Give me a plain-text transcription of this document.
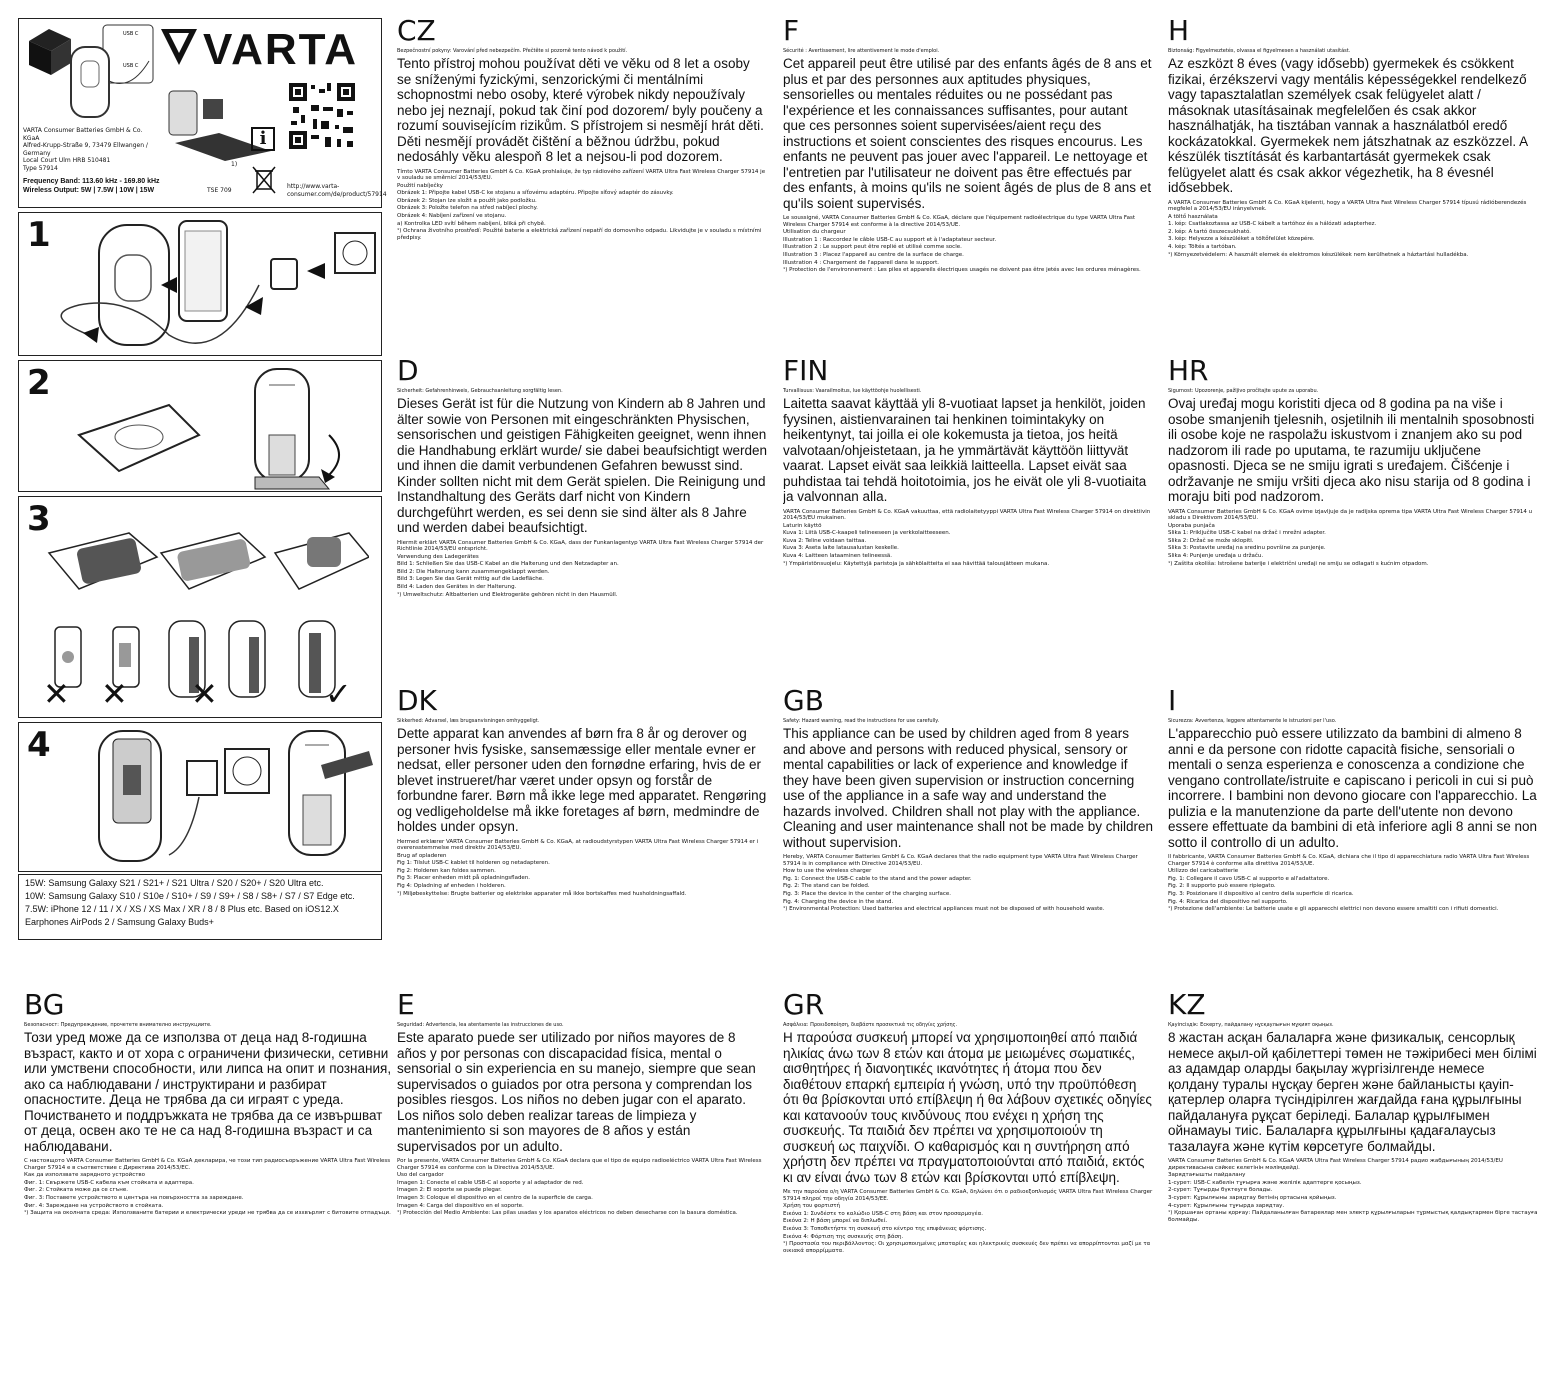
USB C
USB C VARTA
i
http://www.varta-consumer.com/de/product/57914
1)
VARTA Consumer Batteries GmbH & Co. KGaA
Alfred-Krupp-Straße 9, 73479 Ellwangen / Germany
Local Court Ulm HRB 510481
Type 57914
Frequency Band: 113.60 kHz - 169.80 kHz
Wireless Output: 5W | 7.5W | 10W | 15W	TSE 709
1
2
3
✕ ✕ ✕	✓
4
15W: Samsung Galaxy S21 / S21+ / S21 Ultra / S20 / S20+ / S20 Ultra etc.
10W: Samsung Galaxy S10 / S10e / S10+ / S9 / S9+ / S8 / S8+ / S7 / S7 Edge etc.
7.5W: iPhone 12 / 11 / X / XS / XS Max / XR / 8 / 8 Plus etc. Based on iOS12.X
Earphones AirPods 2 / Samsung Galaxy Buds+
CZ
Bezpečnostní pokyny: Varování před nebezpečím. Přečtěte si pozorně tento návod k použití.
Tento přístroj mohou používat děti ve věku od 8 let a osoby se sníženými fyzickými, senzorickými či mentálními schopnostmi nebo osoby, které výrobek nikdy nepoužívaly nebo jej neznají, pokud tak činí pod dozorem/ byly poučeny a rozumí souvisejícím rizikům. S přístrojem si nesmějí hrát děti. Děti nesmějí provádět čištění a běžnou údržbu, pokud nedosáhly věku alespoň 8 let a nejsou-li pod dozorem.

Tímto VARTA Consumer Batteries GmbH & Co. KGaA prohlašuje, že typ rádiového zařízení VARTA Ultra Fast Wireless Charger 57914 je v souladu se směrnicí 2014/53/EU.

Použití nabíječky

Obrázek 1: Připojte kabel USB-C ke stojanu a síťovému adaptéru. Připojte síťový adaptér do zásuvky.

Obrázek 2: Stojan lze složit a použít jako podložku.

Obrázek 3: Položte telefon na střed nabíjecí plochy.

Obrázek 4: Nabíjení zařízení ve stojanu.

a) Kontrolka LED svítí během nabíjení, bliká při chybě.

¹) Ochrana životního prostředí: Použité baterie a elektrická zařízení nepatří do domovního odpadu. Likvidujte je v souladu s místními předpisy.

F
Sécurité : Avertissement, lire attentivement le mode d'emploi.
Cet appareil peut être utilisé par des enfants âgés de 8 ans et plus et par des personnes aux aptitudes physiques, sensorielles ou mentales réduites ou ne possédant pas l'expérience et les connaissances suffisantes, pour autant que ces personnes soient supervisées/aient reçu des instructions et soient conscientes des risques encourus. Les enfants ne peuvent pas jouer avec l'appareil. Le nettoyage et l'entretien par l'utilisateur ne doivent pas être effectués par des enfants, à moins qu'ils ne soient âgés de plus de 8 ans et qu'ils soient supervisés.

Le soussigné, VARTA Consumer Batteries GmbH & Co. KGaA, déclare que l'équipement radioélectrique du type VARTA Ultra Fast Wireless Charger 57914 est conforme à la directive 2014/53/UE.

Utilisation du chargeur

Illustration 1 : Raccordez le câble USB-C au support et à l'adaptateur secteur.

Illustration 2 : Le support peut être replié et utilisé comme socle.

Illustration 3 : Placez l'appareil au centre de la surface de charge.

Illustration 4 : Chargement de l'appareil dans le support.

¹) Protection de l'environnement : Les piles et appareils électriques usagés ne doivent pas être jetés avec les ordures ménagères.

H
Biztonság: Figyelmeztetés, olvassa el figyelmesen a használati utasítást.
Az eszközt 8 éves (vagy idősebb) gyermekek és csökkent fizikai, érzékszervi vagy mentális képességekkel rendelkező vagy tapasztalatlan személyek csak felügyelet alatt / másoknak utasításainak megfelelően és csak akkor használhatják, ha tisztában vannak a használatból eredő kockázatokkal. Gyermekek nem játszhatnak az eszközzel. A készülék tisztítását és karbantartását gyermekek csak felügyelet alatt és csak akkor végezhetik, ha 8 évesnél idősebbek.

A VARTA Consumer Batteries GmbH & Co. KGaA kijelenti, hogy a VARTA Ultra Fast Wireless Charger 57914 típusú rádióberendezés megfelel a 2014/53/EU irányelvnek.

A töltő használata

1. kép: Csatlakoztassa az USB-C kábelt a tartóhoz és a hálózati adapterhez.

2. kép: A tartó összecsukható.

3. kép: Helyezze a készüléket a töltőfelület közepére.

4. kép: Töltés a tartóban.

¹) Környezetvédelem: A használt elemek és elektromos készülékek nem kerülhetnek a háztartási hulladékba.

D
Sicherheit: Gefahrenhinweis, Gebrauchsanleitung sorgfältig lesen.
Dieses Gerät ist für die Nutzung von Kindern ab 8 Jahren und älter sowie von Personen mit eingeschränkten Physischen, sensorischen und geistigen Fähigkeiten geeignet, wenn ihnen die Handhabung erklärt wurde/ sie dabei beaufsichtigt werden und ihnen die damit verbundenen Gefahren bewusst sind. Kinder sollten nicht mit dem Gerät spielen. Die Reinigung und Instandhaltung des Geräts darf nicht von Kindern durchgeführt werden, es sei denn sie sind älter als 8 Jahre und werden dabei beaufsichtigt.

Hiermit erklärt VARTA Consumer Batteries GmbH & Co. KGaA, dass der Funkanlagentyp VARTA Ultra Fast Wireless Charger 57914 der Richtlinie 2014/53/EU entspricht.

Verwendung des Ladegerätes

Bild 1: Schließen Sie das USB-C Kabel an die Halterung und den Netzadapter an.

Bild 2: Die Halterung kann zusammengeklappt werden.

Bild 3: Legen Sie das Gerät mittig auf die Ladefläche.

Bild 4: Laden des Gerätes in der Halterung.

¹) Umweltschutz: Altbatterien und Elektrogeräte gehören nicht in den Hausmüll.

FIN
Turvallisuus: Vaarailmoitus, lue käyttöohje huolellisesti.
Laitetta saavat käyttää yli 8-vuotiaat lapset ja henkilöt, joiden fyysinen, aistienvarainen tai henkinen toimintakyky on heikentynyt, tai joilla ei ole kokemusta ja tietoa, jos heitä valvotaan/ohjeistetaan, ja he ymmärtävät käyttöön liittyvät vaarat. Lapset eivät saa leikkiä laitteella. Lapset eivät saa puhdistaa tai tehdä hoitotoimia, jos he eivät ole yli 8-vuotiaita ja valvonnan alla.

VARTA Consumer Batteries GmbH & Co. KGaA vakuuttaa, että radiolaitetyyppi VARTA Ultra Fast Wireless Charger 57914 on direktiivin 2014/53/EU mukainen.

Laturin käyttö

Kuva 1: Liitä USB-C-kaapeli telineeseen ja verkkolaitteeseen.

Kuva 2: Teline voidaan taittaa.

Kuva 3: Aseta laite latausalustan keskelle.

Kuva 4: Laitteen lataaminen telineessä.

¹) Ympäristönsuojelu: Käytettyjä paristoja ja sähkölaitteita ei saa hävittää talousjätteen mukana.

HR
Sigurnost: Upozorenje, pažljivo pročitajte upute za uporabu.
Ovaj uređaj mogu koristiti djeca od 8 godina pa na više i osobe smanjenih tjelesnih, osjetilnih ili mentalnih sposobnosti ili osobe koje ne raspolažu iskustvom i znanjem ako su pod nadzorom ili rade po uputama, te razumiju uključene opasnosti. Djeca se ne smiju igrati s uređajem. Čišćenje i održavanje ne smiju vršiti djeca ako nisu starija od 8 godina i moraju biti pod nadzorom.

VARTA Consumer Batteries GmbH & Co. KGaA ovime izjavljuje da je radijska oprema tipa VARTA Ultra Fast Wireless Charger 57914 u skladu s Direktivom 2014/53/EU.

Uporaba punjača

Slika 1: Priključite USB-C kabel na držač i mrežni adapter.

Slika 2: Držač se može sklopiti.

Slika 3: Postavite uređaj na sredinu površine za punjenje.

Slika 4: Punjenje uređaja u držaču.

¹) Zaštita okoliša: Istrošene baterije i električni uređaji ne smiju se odlagati s kućnim otpadom.

DK
Sikkerhed: Advarsel, læs brugsanvisningen omhyggeligt.
Dette apparat kan anvendes af børn fra 8 år og derover og personer hvis fysiske, sansemæssige eller mentale evner er nedsat, eller personer uden den fornødne erfaring, hvis de er blevet instrueret/har været under opsyn og forstår de forbundne farer. Børn må ikke lege med apparatet. Rengøring og vedligeholdelse må ikke foretages af børn, medmindre de holdes under opsyn.

Hermed erklærer VARTA Consumer Batteries GmbH & Co. KGaA, at radioudstyrstypen VARTA Ultra Fast Wireless Charger 57914 er i overensstemmelse med direktiv 2014/53/EU.

Brug af opladeren

Fig 1: Tilslut USB-C kablet til holderen og netadapteren.

Fig 2: Holderen kan foldes sammen.

Fig 3: Placer enheden midt på opladningsfladen.

Fig 4: Opladning af enheden i holderen.

¹) Miljøbeskyttelse: Brugte batterier og elektriske apparater må ikke bortskaffes med husholdningsaffald.

GB
Safety: Hazard warning, read the instructions for use carefully.
This appliance can be used by children aged from 8 years and above and persons with reduced physical, sensory or mental capabilities or lack of experience and knowledge if they have been given supervision or instruction concerning use of the appliance in a safe way and understand the hazards involved. Children shall not play with the appliance. Cleaning and user maintenance shall not be made by children without supervision.

Hereby, VARTA Consumer Batteries GmbH & Co. KGaA declares that the radio equipment type VARTA Ultra Fast Wireless Charger 57914 is in compliance with Directive 2014/53/EU.

How to use the wireless charger

Fig. 1: Connect the USB-C cable to the stand and the power adapter.

Fig. 2: The stand can be folded.

Fig. 3: Place the device in the center of the charging surface.

Fig. 4: Charging the device in the stand.

¹) Environmental Protection: Used batteries and electrical appliances must not be disposed of with household waste.

I
Sicurezza: Avvertenza, leggere attentamente le istruzioni per l'uso.
L'apparecchio può essere utilizzato da bambini di almeno 8 anni e da persone con ridotte capacità fisiche, sensoriali o mentali o senza esperienza e conoscenza a condizione che vengano controllate/istruite e capiscano i pericoli in cui si può incorrere. I bambini non devono giocare con l'apparecchio. La pulizia e la manutenzione da parte dell'utente non devono essere effettuate da bambini di età inferiore agli 8 anni se non sotto il controllo di un adulto.

Il fabbricante, VARTA Consumer Batteries GmbH & Co. KGaA, dichiara che il tipo di apparecchiatura radio VARTA Ultra Fast Wireless Charger 57914 è conforme alla direttiva 2014/53/UE.

Utilizzo del caricabatterie

Fig. 1: Collegare il cavo USB-C al supporto e all'adattatore.

Fig. 2: Il supporto può essere ripiegato.

Fig. 3: Posizionare il dispositivo al centro della superficie di ricarica.

Fig. 4: Ricarica del dispositivo nel supporto.

¹) Protezione dell'ambiente: Le batterie usate e gli apparecchi elettrici non devono essere smaltiti con i rifiuti domestici.

BG
Безопасност: Предупреждение, прочетете внимателно инструкциите.
Този уред може да се използва от деца над 8-годишна възраст, както и от хора с ограничени физически, сетивни или умствени способности, или липса на опит и познания, ако са наблюдавани / инструктирани и разбират опасностите. Деца не трябва да си играят с уреда. Почистването и поддръжката не трябва да се извършват от деца, освен ако те не са над 8-годишна възраст и са наблюдавани.

С настоящото VARTA Consumer Batteries GmbH & Co. KGaA декларира, че този тип радиосъоръжение VARTA Ultra Fast Wireless Charger 57914 е в съответствие с Директива 2014/53/ЕС.

Как да използвате зарядното устройство

Фиг. 1: Свържете USB-C кабела към стойката и адаптера.

Фиг. 2: Стойката може да се сгъне.

Фиг. 3: Поставете устройството в центъра на повърхността за зареждане.

Фиг. 4: Зареждане на устройството в стойката.

¹) Защита на околната среда: Използваните батерии и електрически уреди не трябва да се изхвърлят с битовите отпадъци.

E
Seguridad: Advertencia, lea atentamente las instrucciones de uso.
Este aparato puede ser utilizado por niños mayores de 8 años y por personas con discapacidad física, mental o sensorial o sin experiencia en su manejo, siempre que sean supervisados o guiados por otra persona y comprendan los posibles riesgos. Los niños no deben jugar con el aparato. Los niños solo deben realizar tareas de limpieza y mantenimiento si son mayores de 8 años y están supervisados por un adulto.

Por la presente, VARTA Consumer Batteries GmbH & Co. KGaA declara que el tipo de equipo radioeléctrico VARTA Ultra Fast Wireless Charger 57914 es conforme con la Directiva 2014/53/UE.

Uso del cargador

Imagen 1: Conecte el cable USB-C al soporte y al adaptador de red.

Imagen 2: El soporte se puede plegar.

Imagen 3: Coloque el dispositivo en el centro de la superficie de carga.

Imagen 4: Carga del dispositivo en el soporte.

¹) Protección del Medio Ambiente: Las pilas usadas y los aparatos eléctricos no deben desecharse con la basura doméstica.

GR
Ασφάλεια: Προειδοποίηση, διαβάστε προσεκτικά τις οδηγίες χρήσης.
Η παρούσα συσκευή μπορεί να χρησιμοποιηθεί από παιδιά ηλικίας άνω των 8 ετών και άτομα με μειωμένες σωματικές, αισθητήρες ή διανοητικές ικανότητες ή άτομα που δεν διαθέτουν επαρκή εμπειρία ή γνώση, υπό την προϋπόθεση ότι θα βρίσκονται υπό επίβλεψη ή θα λάβουν σχετικές οδηγίες και κατανοούν τους κινδύνους που ενέχει η χρήση της συσκευής. Τα παιδιά δεν πρέπει να χρησιμοποιούν τη συσκευή ως παιχνίδι. Ο καθαρισμός και η συντήρηση από χρήστη δεν πρέπει να πραγματοποιούνται από παιδιά, εκτός κι αν είναι άνω των 8 ετών και βρίσκονται υπό επίβλεψη.

Με την παρούσα ο/η VARTA Consumer Batteries GmbH & Co. KGaA, δηλώνει ότι ο ραδιοεξοπλισμός VARTA Ultra Fast Wireless Charger 57914 πληροί την οδηγία 2014/53/ΕΕ.

Χρήση του φορτιστή

Εικόνα 1: Συνδέστε το καλώδιο USB-C στη βάση και στον προσαρμογέα.

Εικόνα 2: Η βάση μπορεί να διπλωθεί.

Εικόνα 3: Τοποθετήστε τη συσκευή στο κέντρο της επιφάνειας φόρτισης.

Εικόνα 4: Φόρτιση της συσκευής στη βάση.

¹) Προστασία του περιβάλλοντος: Οι χρησιμοποιημένες μπαταρίες και ηλεκτρικές συσκευές δεν πρέπει να απορρίπτονται μαζί με τα οικιακά απορρίμματα.

KZ
Қауіпсіздік: Ескерту, пайдалану нұсқаулығын мұқият оқыңыз.
8 жастан асқан балаларға және физикалық, сенсорлық немесе ақыл-ой қабілеттері төмен не тәжірибесі мен білімі аз адамдар оларды бақылау жүргізілгенде немесе қолдану туралы нұсқау берген және байланысты қауіп-қатерлер оларға түсіндірілген жағдайда ғана құрылғыны пайдалануға рұқсат беріледі. Балалар құрылғымен ойнамауы тиіс. Балаларға құрылғыны қадағалаусыз тазалауға және күтім көрсетуге болмайды.

VARTA Consumer Batteries GmbH & Co. KGaA VARTA Ultra Fast Wireless Charger 57914 радио жабдығының 2014/53/EU директивасына сәйкес келетінін мәлімдейді.

Зарядтағышты пайдалану

1-сурет: USB-C кабелін тұғырға және желілік адаптерге қосыңыз.

2-сурет: Тұғырды бүктеуге болады.

3-сурет: Құрылғыны зарядтау бетінің ортасына қойыңыз.

4-сурет: Құрылғыны тұғырда зарядтау.

¹) Қоршаған ортаны қорғау: Пайдаланылған батареялар мен электр құрылғыларын тұрмыстық қалдықтармен бірге тастауға болмайды.
